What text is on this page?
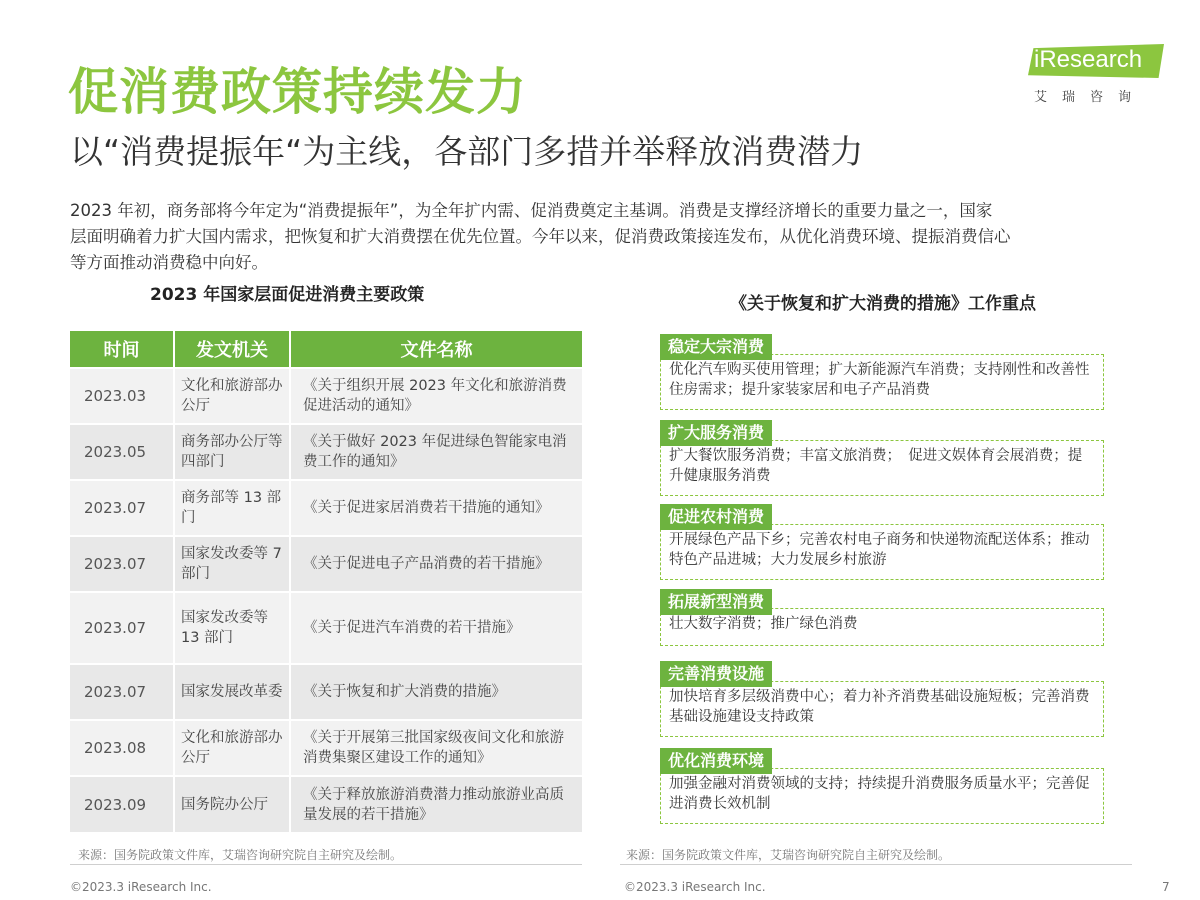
促消费政策持续发力
以“消费提振年“为主线，各部门多措并举释放消费潜力
iResearch
艾瑞咨询

2023 年初，商务部将今年定为“消费提振年”，为全年扩内需、促消费奠定主基调。消费是支撑经济增长的重要力量之一，国家

层面明确着力扩大国内需求，把恢复和扩大消费摆在优先位置。今年以来，促消费政策接连发布，从优化消费环境、提振消费信心

等方面推动消费稳中向好。

2023 年国家层面促进消费主要政策
时间	发文机关	文件名称
2023.03	文化和旅游部办公厅	《关于组织开展 2023 年文化和旅游消费促进活动的通知》
2023.05	商务部办公厅等四部门	《关于做好 2023 年促进绿色智能家电消费工作的通知》
2023.07	商务部等 13 部门	《关于促进家居消费若干措施的通知》
2023.07	国家发改委等 7 部门	《关于促进电子产品消费的若干措施》
2023.07	国家发改委等 13 部门	《关于促进汽车消费的若干措施》
2023.07	国家发展改革委	《关于恢复和扩大消费的措施》
2023.08	文化和旅游部办公厅	《关于开展第三批国家级夜间文化和旅游消费集聚区建设工作的通知》
2023.09	国务院办公厅	《关于释放旅游消费潜力推动旅游业高质量发展的若干措施》
来源：国务院政策文件库，艾瑞咨询研究院自主研究及绘制。
《关于恢复和扩大消费的措施》工作重点
优化汽车购买使用管理；扩大新能源汽车消费；支持刚性和改善性住房需求；提升家装家居和电子产品消费
稳定大宗消费
扩大餐饮服务消费；丰富文旅消费；　促进文娱体育会展消费；提升健康服务消费
扩大服务消费
开展绿色产品下乡；完善农村电子商务和快递物流配送体系；推动特色产品进城；大力发展乡村旅游
促进农村消费
壮大数字消费；推广绿色消费
拓展新型消费
加快培育多层级消费中心；着力补齐消费基础设施短板；完善消费基础设施建设支持政策
完善消费设施
加强金融对消费领域的支持；持续提升消费服务质量水平；完善促进消费长效机制
优化消费环境
来源：国务院政策文件库，艾瑞咨询研究院自主研究及绘制。
©2023.3 iResearch Inc.	©2023.3 iResearch Inc.	7
